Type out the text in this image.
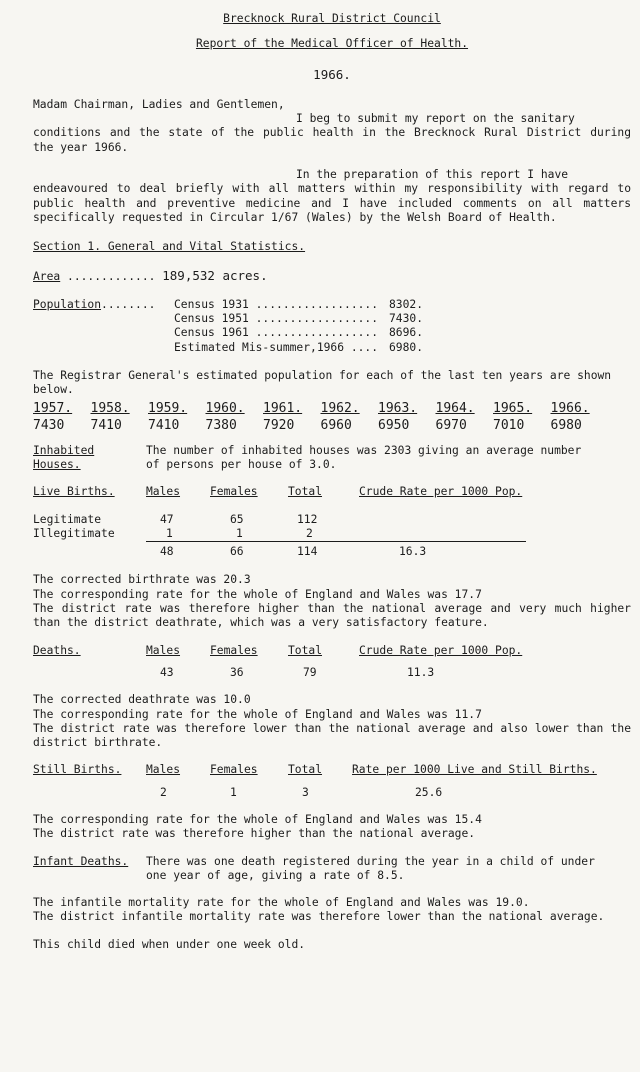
Brecknock Rural District Council

Report of the Medical Officer of Health.

1966.

Madam Chairman, Ladies and Gentlemen,

I beg to submit my report on the sanitary

conditions and the state of the public health in the Brecknock Rural District during the year 1966.

In the preparation of this report I have

endeavoured to deal briefly with all matters within my responsibility with regard to public health and preventive medicine and I have included comments on all matters specifically requested in Circular 1/67 (Wales) by the Welsh Board of Health.

Section 1. General and Vital Statistics.

Area ............. 189,532 acres.

Population........	Census 1931 ..................	8302.
	Census 1951 ..................	7430.
	Census 1961 ..................	8696.
	Estimated Mis-summer,1966 ....	6980.

The Registrar General's estimated population for each of the last ten years are shown below.

1957.	1958.	1959.	1960.	1961.	1962.	1963.	1964.	1965.	1966.
7430	7410	7410	7380	7920	6960	6950	6970	7010	6980
Inhabited Houses.	The number of inhabited houses was 2303 giving an average number
of persons per house of 3.0.
Live Births.	Males	Females	Total	Crude Rate per 1000 Pop.

Legitimate	47	65	112	
Illegitimate	1	1	2	

	48	66	114	16.3

The corrected birthrate was 20.3

The corresponding rate for the whole of England and Wales was 17.7

The district rate was therefore higher than the national average and very much higher than the district deathrate, which was a very satisfactory feature.

Deaths.	Males	Females	Total	Crude Rate per 1000 Pop.

	43	36	79	11.3

The corrected deathrate was 10.0

The corresponding rate for the whole of England and Wales was 11.7

The district rate was therefore lower than the national average and also lower than the district birthrate.

Still Births.	Males	Females	Total	Rate per 1000 Live and Still Births.

	2	1	3	25.6

The corresponding rate for the whole of England and Wales was 15.4

The district rate was therefore higher than the national average.

Infant Deaths.	There was one death registered during the year in a child of under
one year of age, giving a rate of 8.5.

The infantile mortality rate for the whole of England and Wales was 19.0.

The district infantile mortality rate was therefore lower than the national average.

This child died when under one week old.
